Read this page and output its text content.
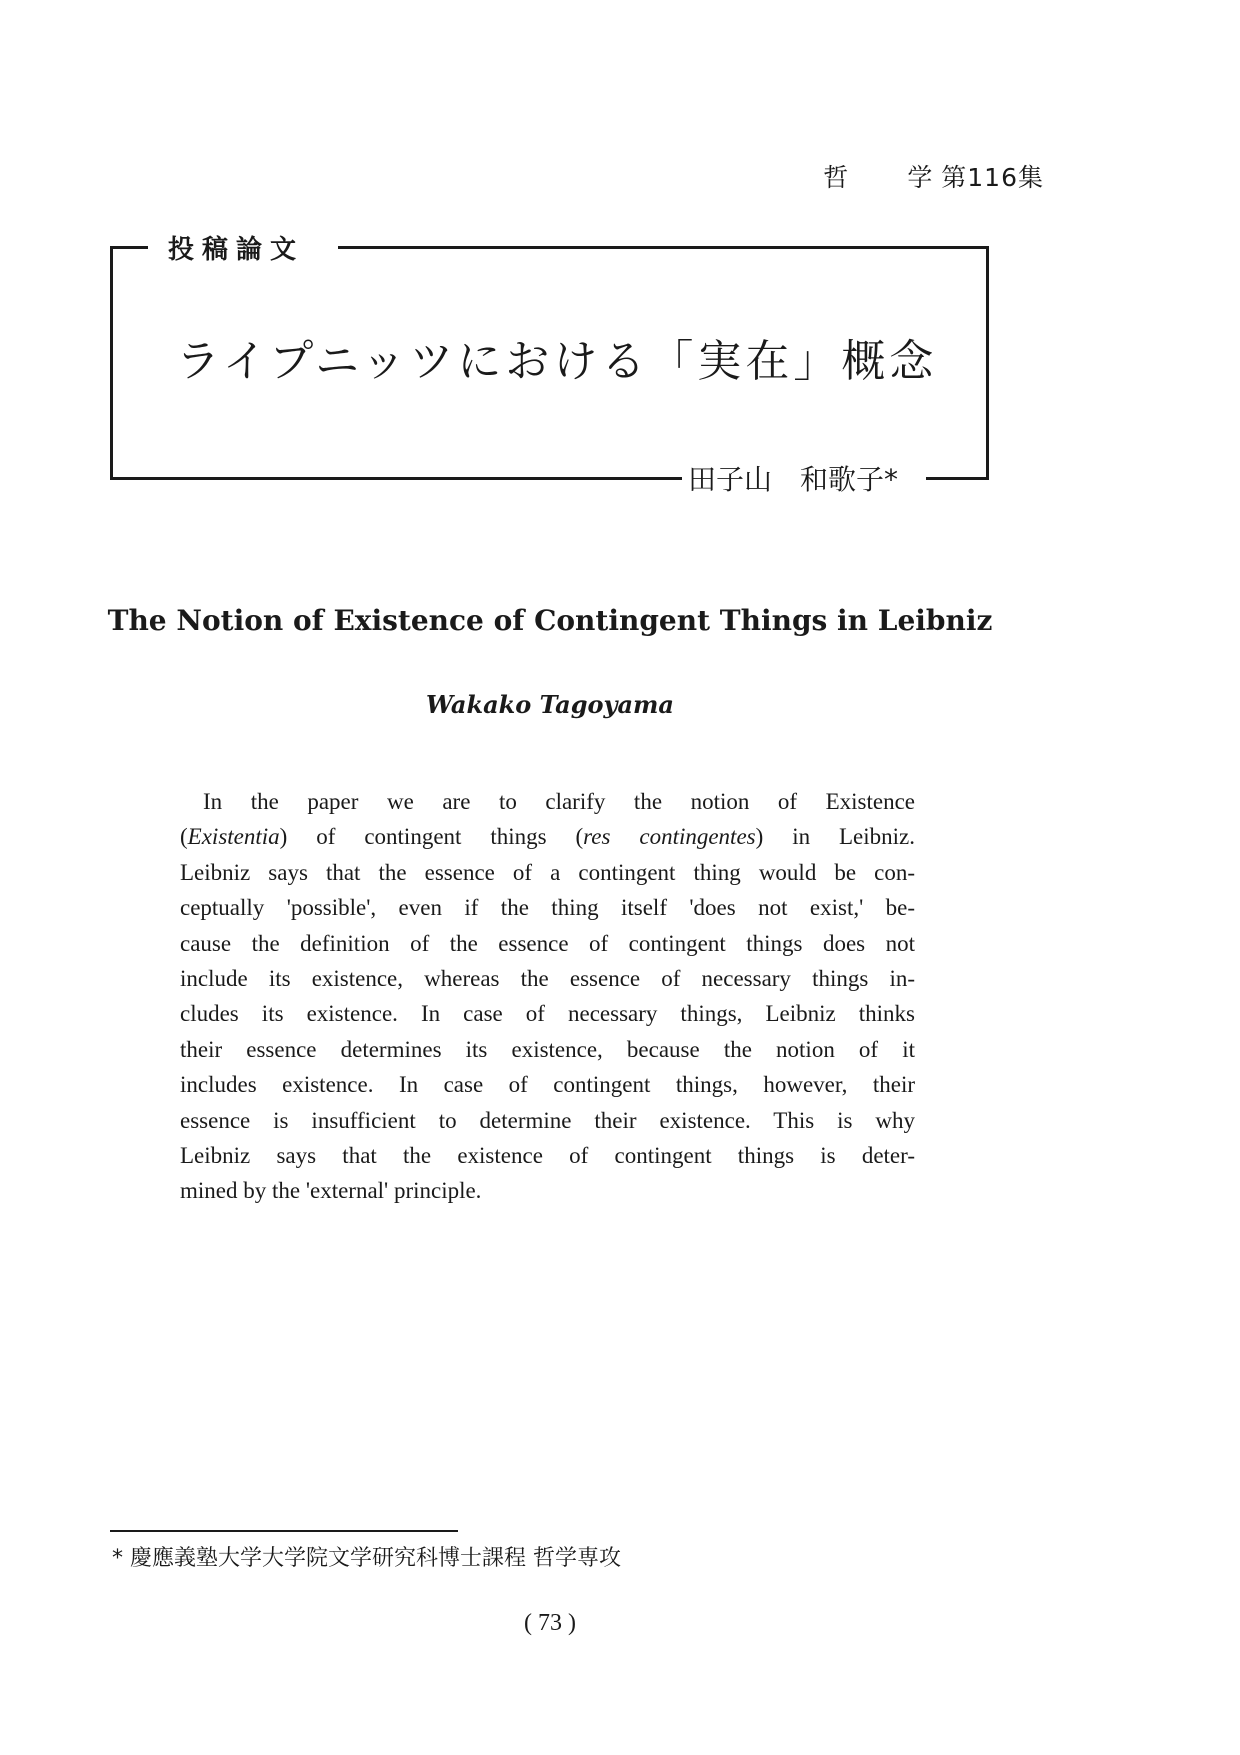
哲 学 第116集
投稿論文
ライプニッツにおける「実在」概念
田子山　和歌子*
The Notion of Existence of Contingent Things in Leibniz
Wakako Tagoyama
In the paper we are to clarify the notion of Existence
(Existentia) of contingent things (res contingentes) in Leibniz.
Leibniz says that the essence of a contingent thing would be con-
ceptually 'possible', even if the thing itself 'does not exist,' be-
cause the definition of the essence of contingent things does not
include its existence, whereas the essence of necessary things in-
cludes its existence. In case of necessary things, Leibniz thinks
their essence determines its existence, because the notion of it
includes existence. In case of contingent things, however, their
essence is insufficient to determine their existence. This is why
Leibniz says that the existence of contingent things is deter-
mined by the 'external' principle.
* 慶應義塾大学大学院文学研究科博士課程 哲学専攻
( 73 )
